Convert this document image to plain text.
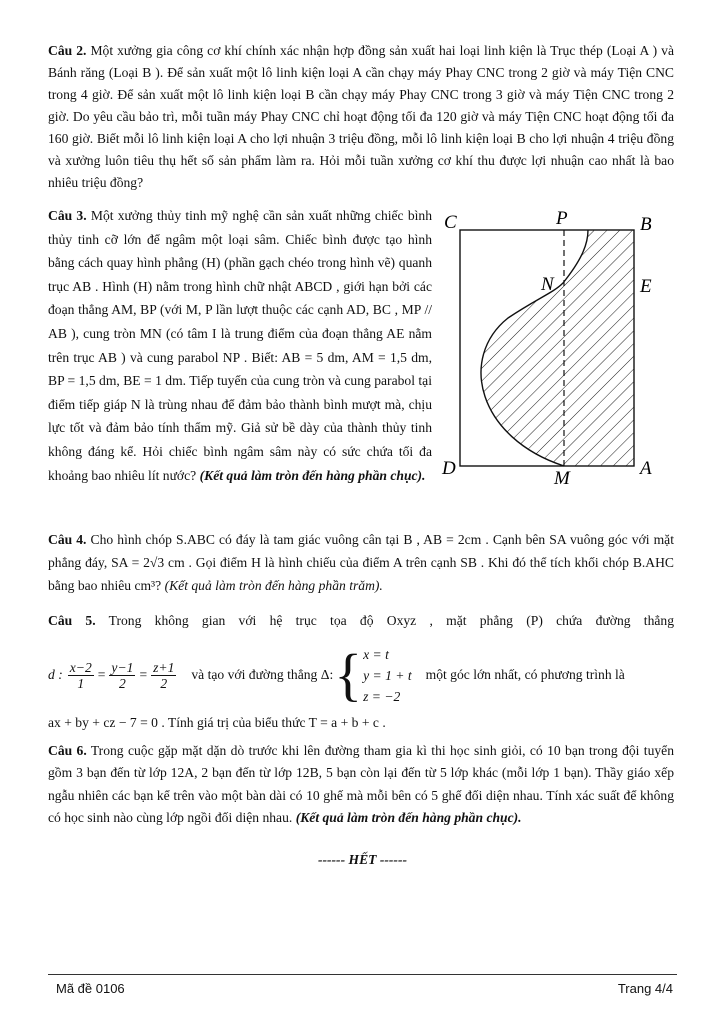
Câu 2. Một xưởng gia công cơ khí chính xác nhận hợp đồng sản xuất hai loại linh kiện là Trục thép (Loại A ) và Bánh răng (Loại B ). Để sản xuất một lô linh kiện loại A cần chạy máy Phay CNC trong 2 giờ và máy Tiện CNC trong 4 giờ. Để sản xuất một lô linh kiện loại B cần chạy máy Phay CNC trong 3 giờ và máy Tiện CNC trong 2 giờ. Do yêu cầu bảo trì, mỗi tuần máy Phay CNC chỉ hoạt động tối đa 120 giờ và máy Tiện CNC hoạt động tối đa 160 giờ. Biết mỗi lô linh kiện loại A cho lợi nhuận 3 triệu đồng, mỗi lô linh kiện loại B cho lợi nhuận 4 triệu đồng và xưởng luôn tiêu thụ hết số sản phẩm làm ra. Hỏi mỗi tuần xưởng cơ khí thu được lợi nhuận cao nhất là bao nhiêu triệu đồng?

Câu 3. Một xưởng thủy tinh mỹ nghệ cần sản xuất những chiếc bình thủy tinh cỡ lớn để ngâm một loại sâm. Chiếc bình được tạo hình bằng cách quay hình phẳng (H) (phần gạch chéo trong hình vẽ) quanh trục AB . Hình (H) nằm trong hình chữ nhật ABCD , giới hạn bởi các đoạn thẳng AM, BP (với M, P lần lượt thuộc các cạnh AD, BC , MP // AB ), cung tròn MN (có tâm I là trung điểm của đoạn thẳng AE nằm trên trục AB ) và cung parabol NP . Biết: AB = 5 dm, AM = 1,5 dm, BP = 1,5 dm, BE = 1 dm. Tiếp tuyến của cung tròn và cung parabol tại điểm tiếp giáp N là trùng nhau để đảm bảo thành bình mượt mà, chịu lực tốt và đảm bảo tính thẩm mỹ. Giả sử bề dày của thành thủy tinh không đáng kể. Hỏi chiếc bình ngâm sâm này có sức chứa tối đa khoảng bao nhiêu lít nước? (Kết quả làm tròn đến hàng phần chục).

C	P	B
N	E
D	M	A

Câu 4. Cho hình chóp S.ABC có đáy là tam giác vuông cân tại B , AB = 2cm . Cạnh bên SA vuông góc với mặt phẳng đáy, SA = 2√3 cm . Gọi điểm H là hình chiếu của điểm A trên cạnh SB . Khi đó thể tích khối chóp B.AHC bằng bao nhiêu cm³? (Kết quả làm tròn đến hàng phần trăm).

Câu 5. Trong không gian với hệ trục tọa độ Oxyz , mặt phẳng (P) chứa đường thẳng

d : $\frac{x-2}{1} = \frac{y-1}{2} = \frac{z+1}{2}$ và tạo với đường thẳng Δ: { x = t
y = 1 + t
z = −2
một góc lớn nhất, có phương trình là

ax + by + cz − 7 = 0 . Tính giá trị của biểu thức T = a + b + c .

Câu 6. Trong cuộc gặp mặt dặn dò trước khi lên đường tham gia kì thi học sinh giỏi, có 10 bạn trong đội tuyển gồm 3 bạn đến từ lớp 12A, 2 bạn đến từ lớp 12B, 5 bạn còn lại đến từ 5 lớp khác (mỗi lớp 1 bạn). Thầy giáo xếp ngẫu nhiên các bạn kể trên vào một bàn dài có 10 ghế mà mỗi bên có 5 ghế đối diện nhau. Tính xác suất để không có học sinh nào cùng lớp ngồi đối diện nhau. (Kết quả làm tròn đến hàng phần chục).

------ HẾT ------
Mã đề 0106	Trang 4/4
